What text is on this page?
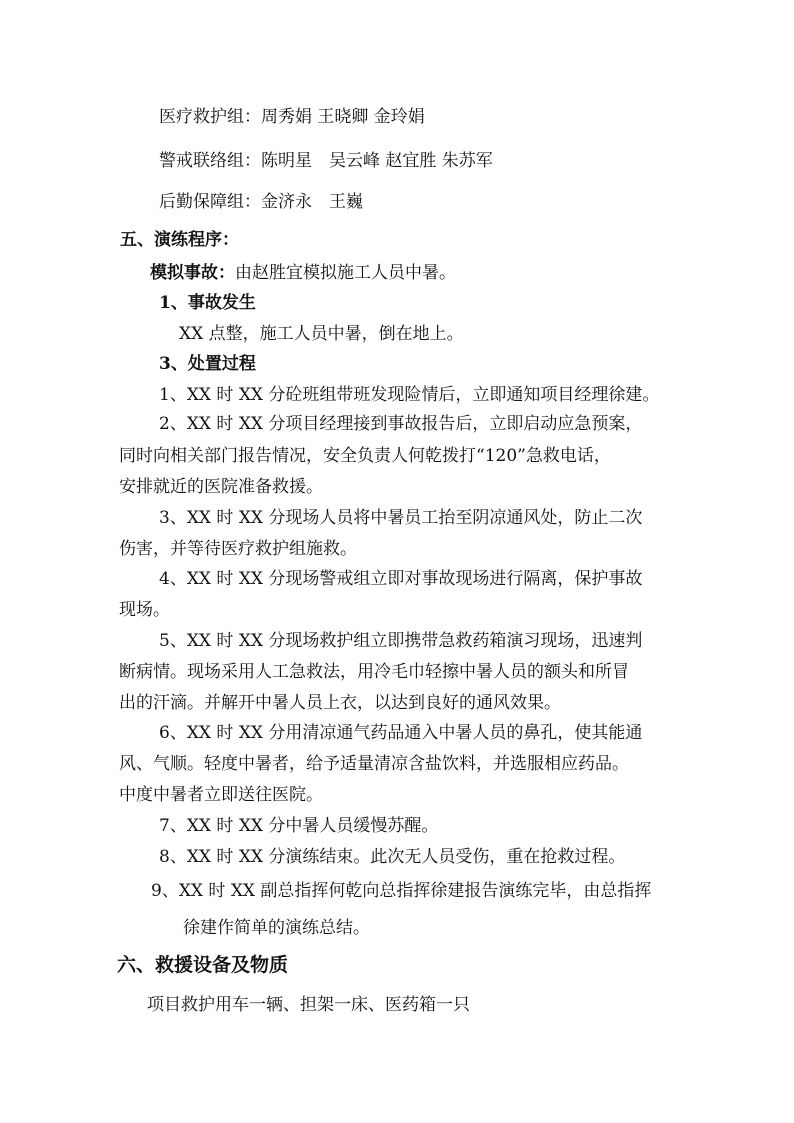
医疗救护组：周秀娟 王晓卿 金玲娟
警戒联络组：陈明星　吴云峰 赵宜胜 朱苏军
后勤保障组：金济永　王巍
五、演练程序：
模拟事故：由赵胜宜模拟施工人员中暑。
1、事故发生
XX 点整，施工人员中暑，倒在地上。
3、处置过程
1、XX 时 XX 分砼班组带班发现险情后，立即通知项目经理徐建。
2、XX 时 XX 分项目经理接到事故报告后，立即启动应急预案，
同时向相关部门报告情况，安全负责人何乾拨打“120”急救电话，
安排就近的医院准备救援。
3、XX 时 XX 分现场人员将中暑员工抬至阴凉通风处，防止二次
伤害，并等待医疗救护组施救。
4、XX 时 XX 分现场警戒组立即对事故现场进行隔离，保护事故
现场。
5、XX 时 XX 分现场救护组立即携带急救药箱演习现场，迅速判
断病情。现场采用人工急救法，用冷毛巾轻擦中暑人员的额头和所冒
出的汗滴。并解开中暑人员上衣，以达到良好的通风效果。
6、XX 时 XX 分用清凉通气药品通入中暑人员的鼻孔，使其能通
风、气顺。轻度中暑者，给予适量清凉含盐饮料，并选服相应药品。
中度中暑者立即送往医院。
7、XX 时 XX 分中暑人员缓慢苏醒。
8、XX 时 XX 分演练结束。此次无人员受伤，重在抢救过程。
9、XX 时 XX 副总指挥何乾向总指挥徐建报告演练完毕，由总指挥
徐建作简单的演练总结。
六、救援设备及物质
项目救护用车一辆、担架一床、医药箱一只
